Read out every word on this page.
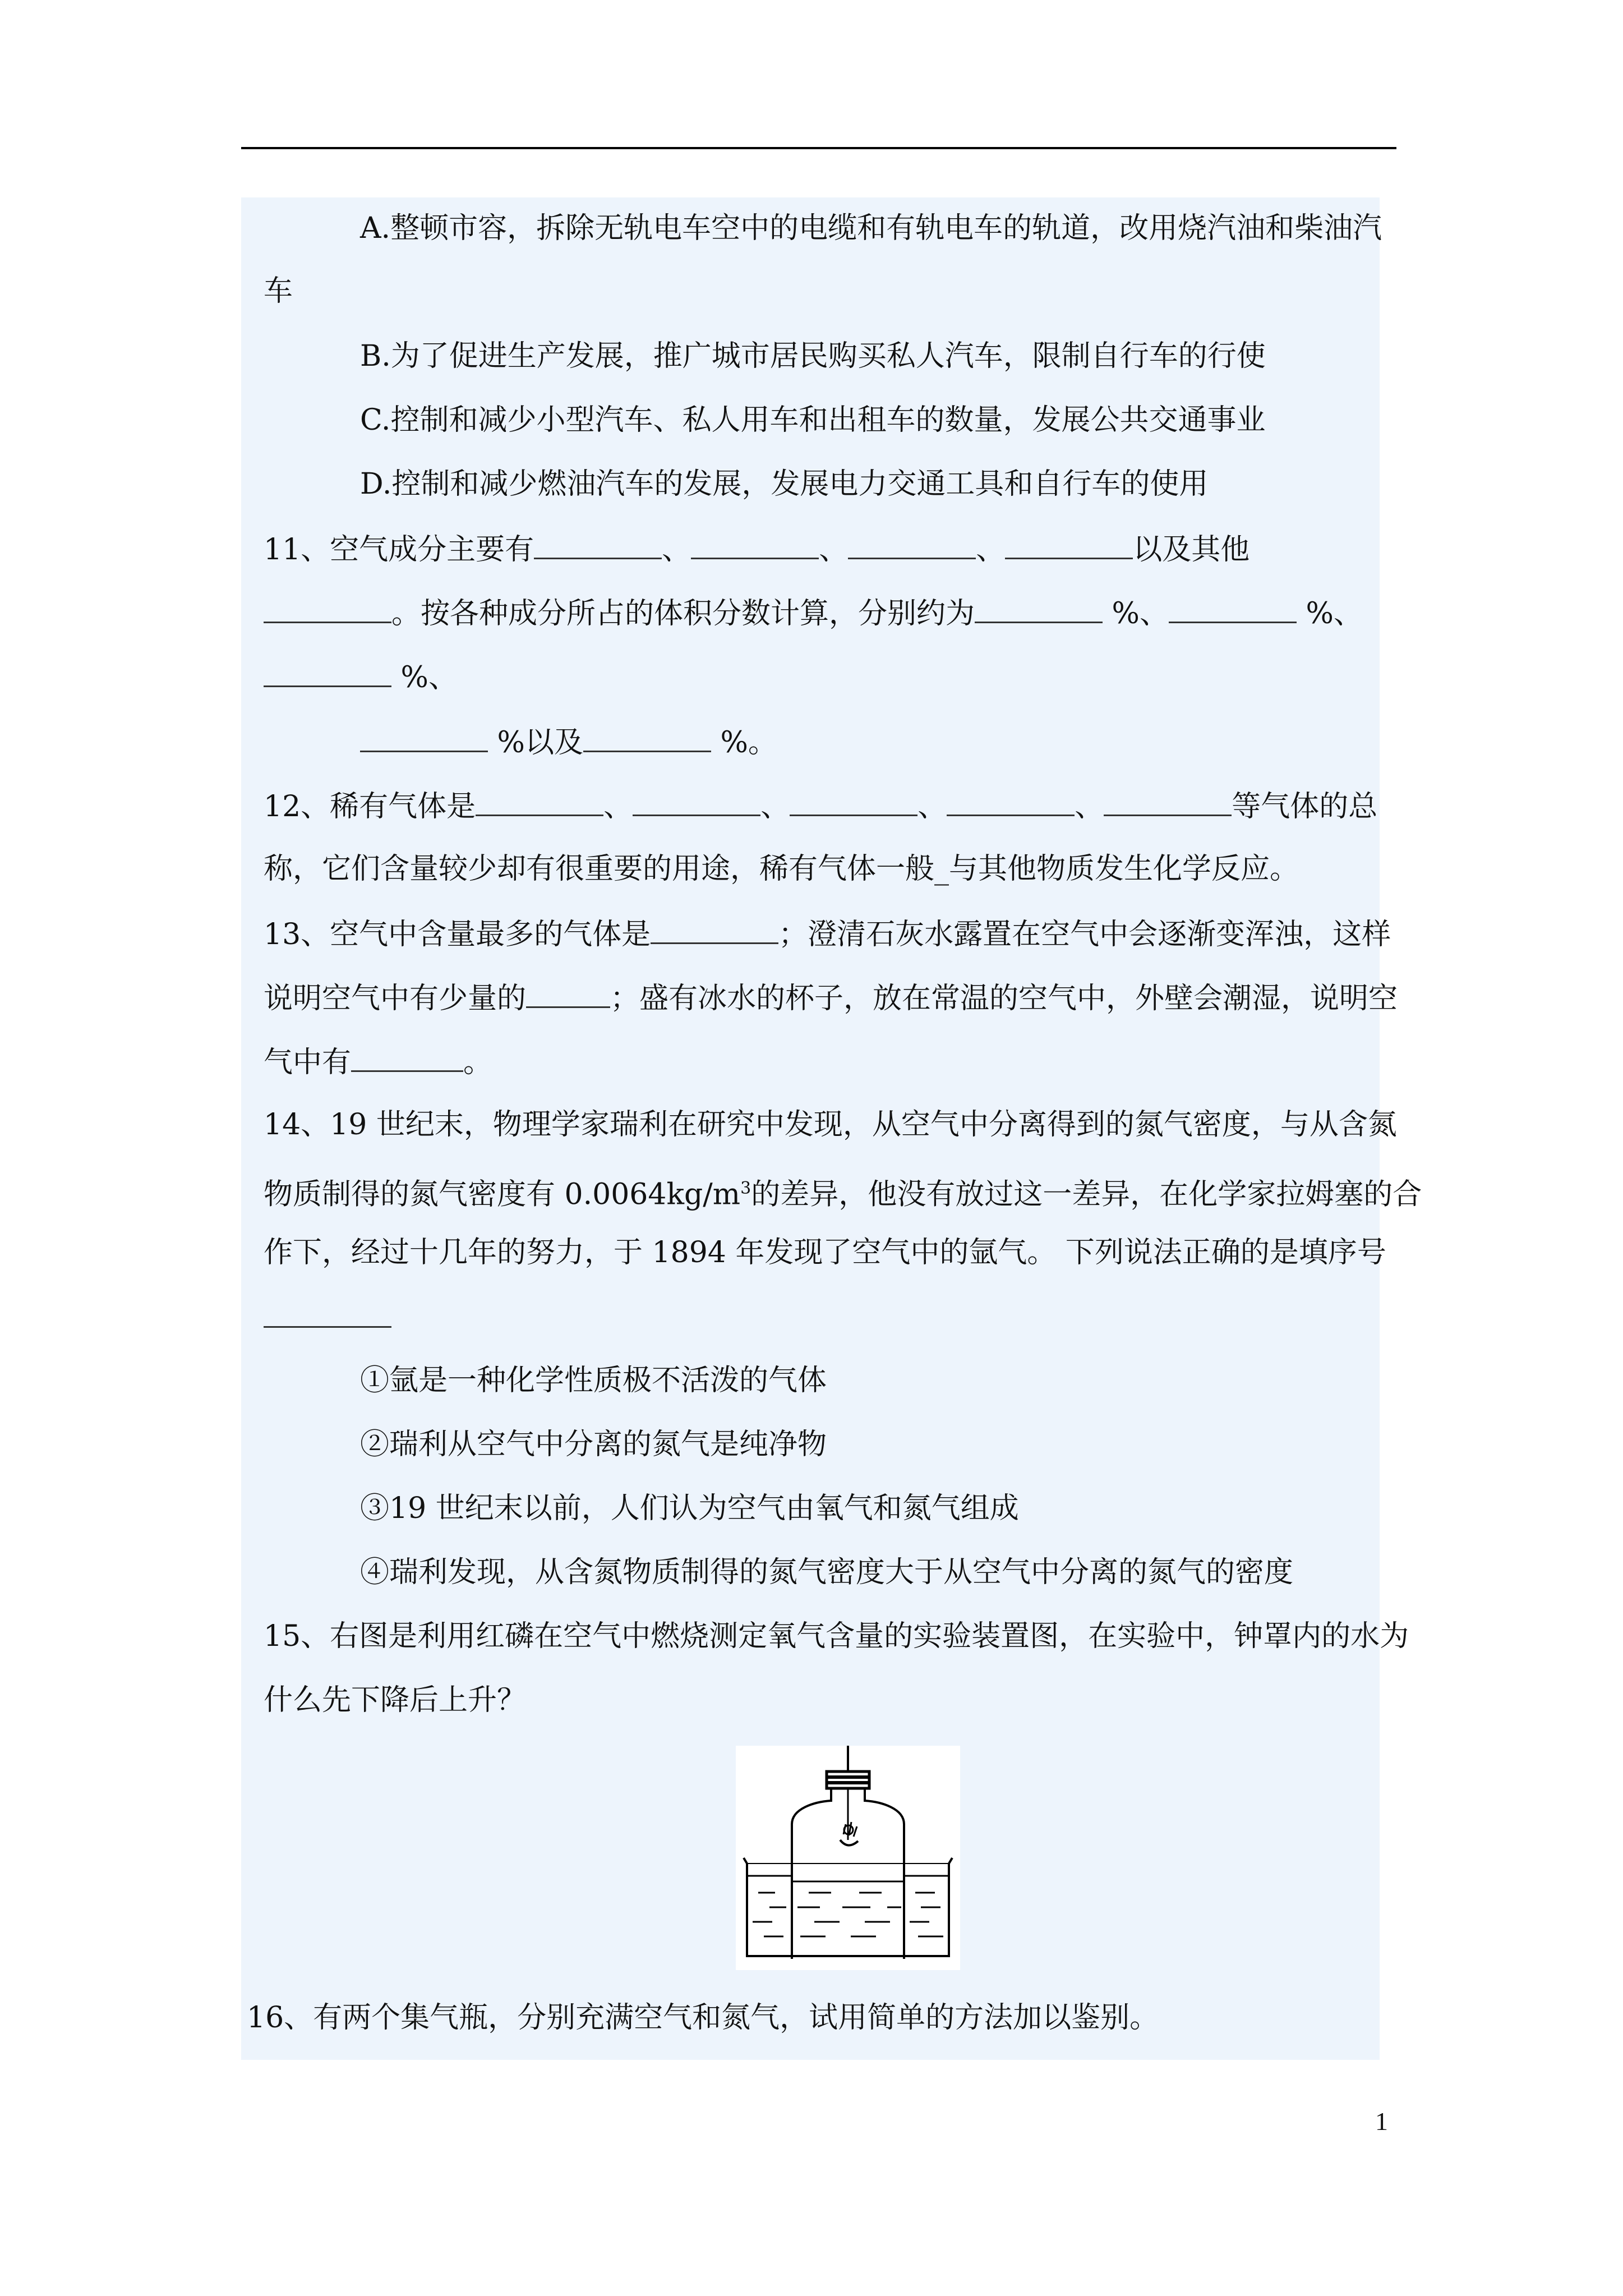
A.整顿市容，拆除无轨电车空中的电缆和有轨电车的轨道，改用烧汽油和柴油汽
车
B.为了促进生产发展，推广城市居民购买私人汽车，限制自行车的行使
C.控制和减少小型汽车、私人用车和出租车的数量，发展公共交通事业
D.控制和减少燃油汽车的发展，发展电力交通工具和自行车的使用
11、空气成分主要有	、	、	、	以及其他
。按各种成分所占的体积分数计算，分别约为	%、	%、
%、
%以及	%。
12、稀有气体是	、	、	、	、	等气体的总
称，它们含量较少却有很重要的用途，稀有气体一般_与其他物质发生化学反应。
13、空气中含量最多的气体是	；澄清石灰水露置在空气中会逐渐变浑浊，这样
说明空气中有少量的	；盛有冰水的杯子，放在常温的空气中，外壁会潮湿，说明空
气中有	。
14、19 世纪末，物理学家瑞利在研究中发现，从空气中分离得到的氮气密度，与从含氮
物质制得的氮气密度有 $0.0064kg/m^3$的差异，他没有放过这一差异，在化学家拉姆塞的合
作下，经过十几年的努力，于 1894 年发现了空气中的氩气。 下列说法正确的是填序号
①氩是一种化学性质极不活泼的气体
②瑞利从空气中分离的氮气是纯净物
③19 世纪末以前，人们认为空气由氧气和氮气组成
④瑞利发现，从含氮物质制得的氮气密度大于从空气中分离的氮气的密度
15、右图是利用红磷在空气中燃烧测定氧气含量的实验装置图，在实验中，钟罩内的水为
什么先下降后上升？
16、有两个集气瓶，分别充满空气和氮气，试用简单的方法加以鉴别。
1
